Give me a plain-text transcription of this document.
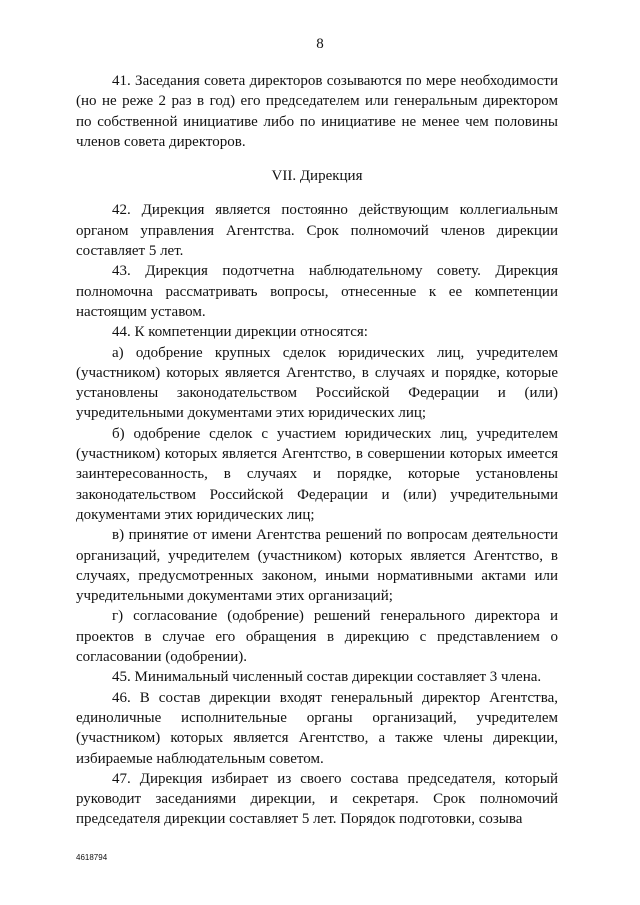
8

41. Заседания совета директоров созываются по мере необходимости (но не реже 2 раз в год) его председателем или генеральным директором по собственной инициативе либо по инициативе не менее чем половины членов совета директоров.

VII. Дирекция

42. Дирекция является постоянно действующим коллегиальным органом управления Агентства. Срок полномочий членов дирекции составляет 5 лет.

43. Дирекция подотчетна наблюдательному совету. Дирекция полномочна рассматривать вопросы, отнесенные к ее компетенции настоящим уставом.

44. К компетенции дирекции относятся:

а) одобрение крупных сделок юридических лиц, учредителем (участником) которых является Агентство, в случаях и порядке, которые установлены законодательством Российской Федерации и (или) учредительными документами этих юридических лиц;

б) одобрение сделок с участием юридических лиц, учредителем (участником) которых является Агентство, в совершении которых имеется заинтересованность, в случаях и порядке, которые установлены законодательством Российской Федерации и (или) учредительными документами этих юридических лиц;

в) принятие от имени Агентства решений по вопросам деятельности организаций, учредителем (участником) которых является Агентство, в случаях, предусмотренных законом, иными нормативными актами или учредительными документами этих организаций;

г) согласование (одобрение) решений генерального директора и проектов в случае его обращения в дирекцию с представлением о согласовании (одобрении).

45. Минимальный численный состав дирекции составляет 3 члена.

46. В состав дирекции входят генеральный директор Агентства, единоличные исполнительные органы организаций, учредителем (участником) которых является Агентство, а также члены дирекции, избираемые наблюдательным советом.

47. Дирекция избирает из своего состава председателя, который руководит заседаниями дирекции, и секретаря. Срок полномочий председателя дирекции составляет 5 лет. Порядок подготовки, созыва

4618794
